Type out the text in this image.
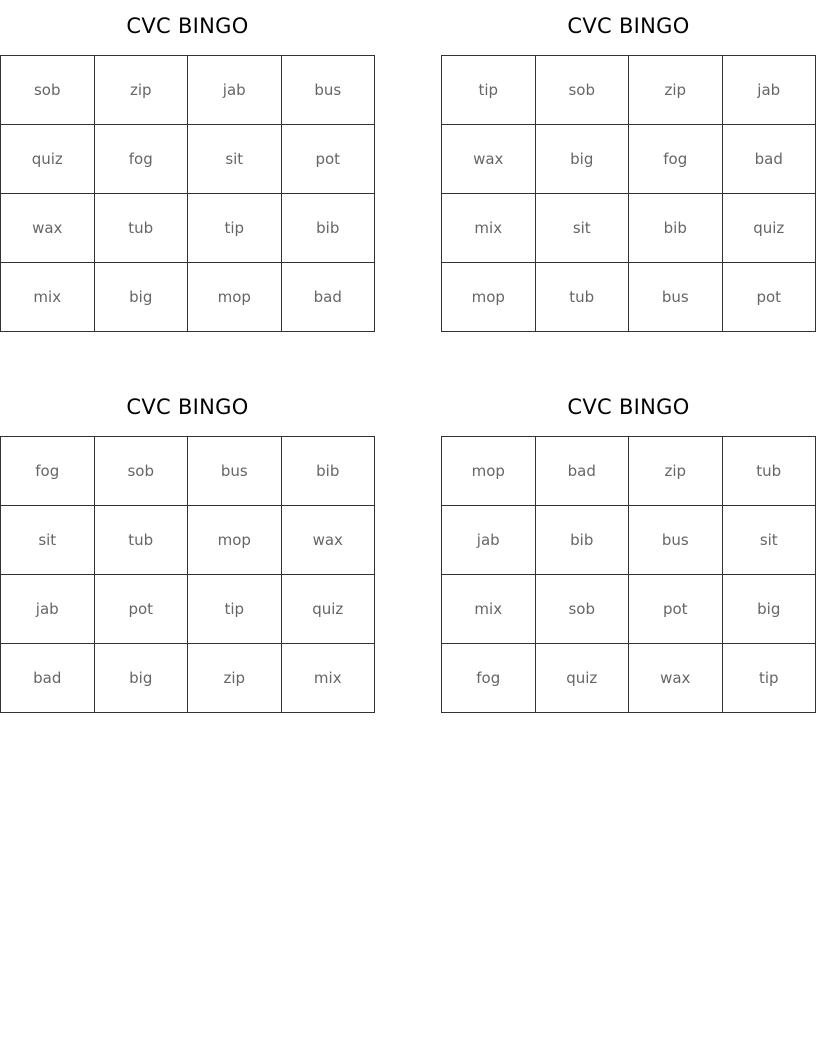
CVC BINGO
sob	zip	jab	bus
quiz	fog	sit	pot
wax	tub	tip	bib
mix	big	mop	bad
CVC BINGO
tip	sob	zip	jab
wax	big	fog	bad
mix	sit	bib	quiz
mop	tub	bus	pot
CVC BINGO
fog	sob	bus	bib
sit	tub	mop	wax
jab	pot	tip	quiz
bad	big	zip	mix
CVC BINGO
mop	bad	zip	tub
jab	bib	bus	sit
mix	sob	pot	big
fog	quiz	wax	tip
